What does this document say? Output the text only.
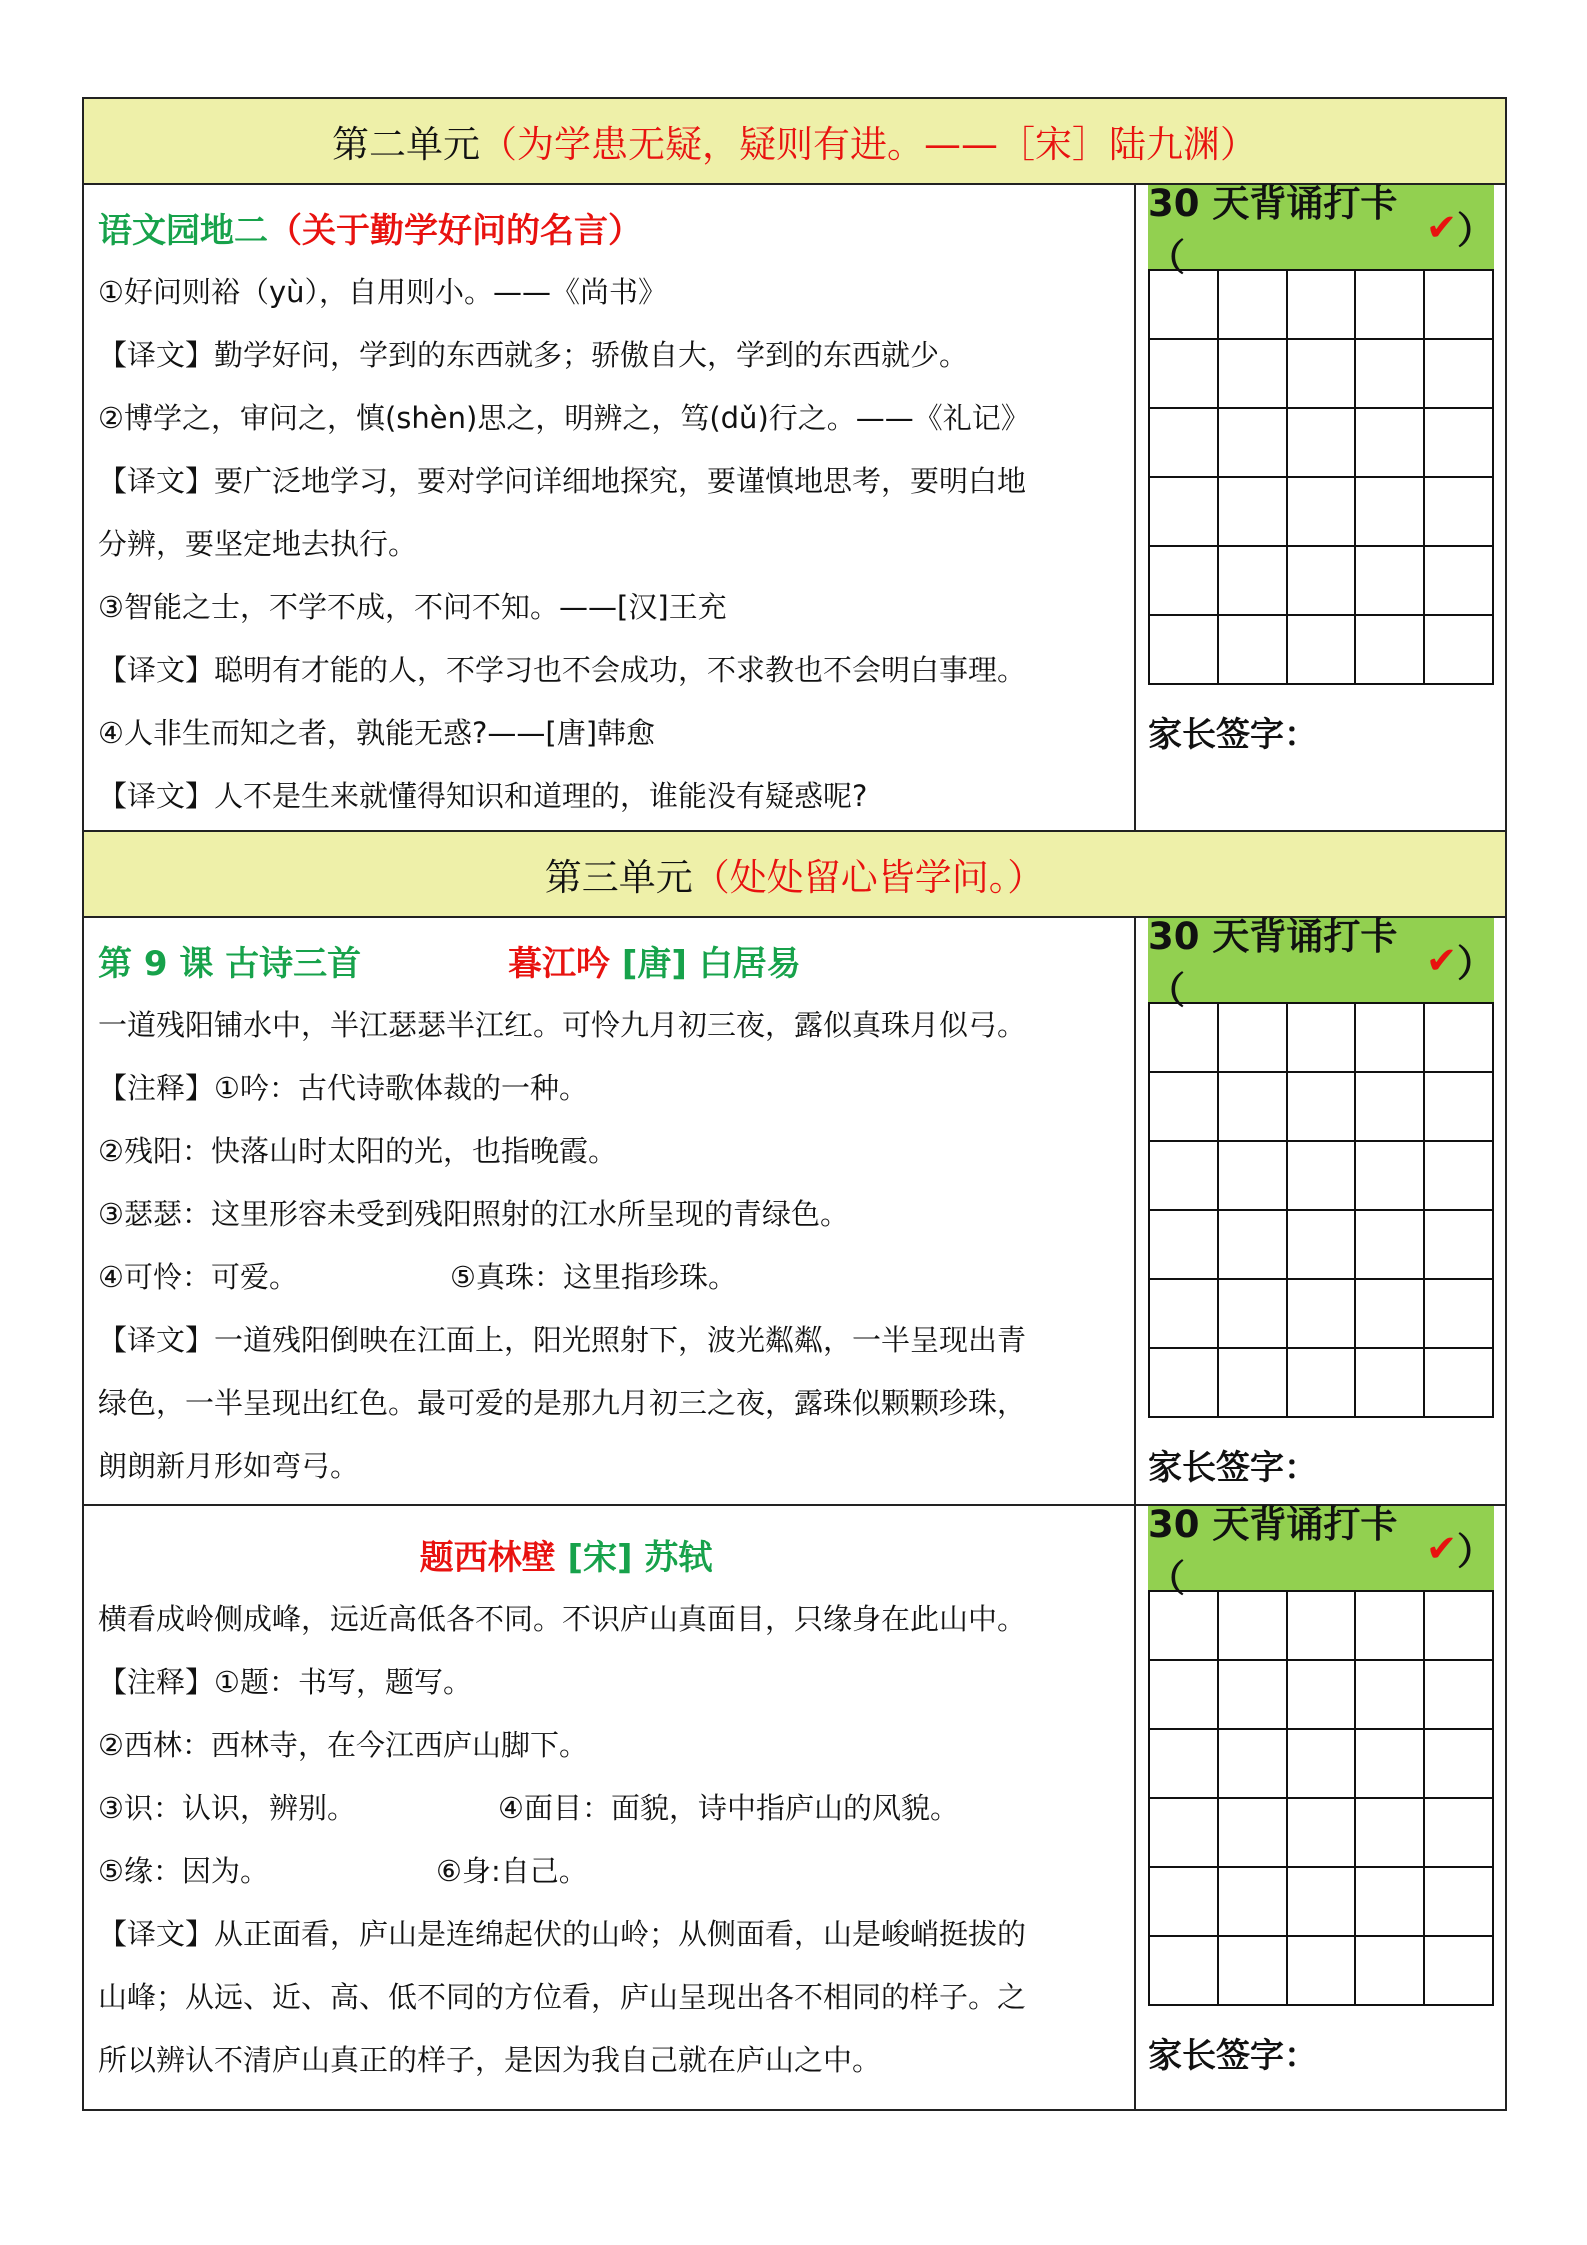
第二单元 （为学患无疑，疑则有进。——［宋］陆九渊）
语文园地二（关于勤学好问的名言）
①好问则裕（yù），自用则小。——《尚书》
【译文】勤学好问，学到的东西就多；骄傲自大，学到的东西就少。
②博学之，审问之，慎(shèn)思之，明辨之，笃(dǔ)行之。——《礼记》
【译文】要广泛地学习，要对学问详细地探究，要谨慎地思考，要明白地
分辨，要坚定地去执行。
③智能之士，不学不成，不问不知。——[汉]王充
【译文】聪明有才能的人，不学习也不会成功，不求教也不会明白事理。
④人非生而知之者，孰能无惑?——[唐]韩愈
【译文】人不是生来就懂得知识和道理的，谁能没有疑惑呢?
30 天背诵打卡（
✔ ）

家长签字：
第三单元 （处处留心皆学问。）
第 9 课 古诗三首	暮江吟 [唐] 白居易
一道残阳铺水中，半江瑟瑟半江红。可怜九月初三夜，露似真珠月似弓。
【注释】①吟：古代诗歌体裁的一种。
②残阳：快落山时太阳的光，也指晚霞。
③瑟瑟：这里形容未受到残阳照射的江水所呈现的青绿色。
④可怜：可爱。	⑤真珠：这里指珍珠。
【译文】一道残阳倒映在江面上，阳光照射下，波光粼粼，一半呈现出青
绿色，一半呈现出红色。最可爱的是那九月初三之夜，露珠似颗颗珍珠，
朗朗新月形如弯弓。
30 天背诵打卡（
✔ ）

家长签字：
题西林壁 [宋] 苏轼
横看成岭侧成峰，远近高低各不同。不识庐山真面目，只缘身在此山中。
【注释】①题：书写，题写。
②西林：西林寺，在今江西庐山脚下。
③识：认识，辨别。	④面目：面貌，诗中指庐山的风貌。
⑤缘：因为。	⑥身:自己。
【译文】从正面看，庐山是连绵起伏的山岭；从侧面看，山是峻峭挺拔的
山峰；从远、近、高、低不同的方位看，庐山呈现出各不相同的样子。之
所以辨认不清庐山真正的样子，是因为我自己就在庐山之中。
30 天背诵打卡（
✔ ）

家长签字：
